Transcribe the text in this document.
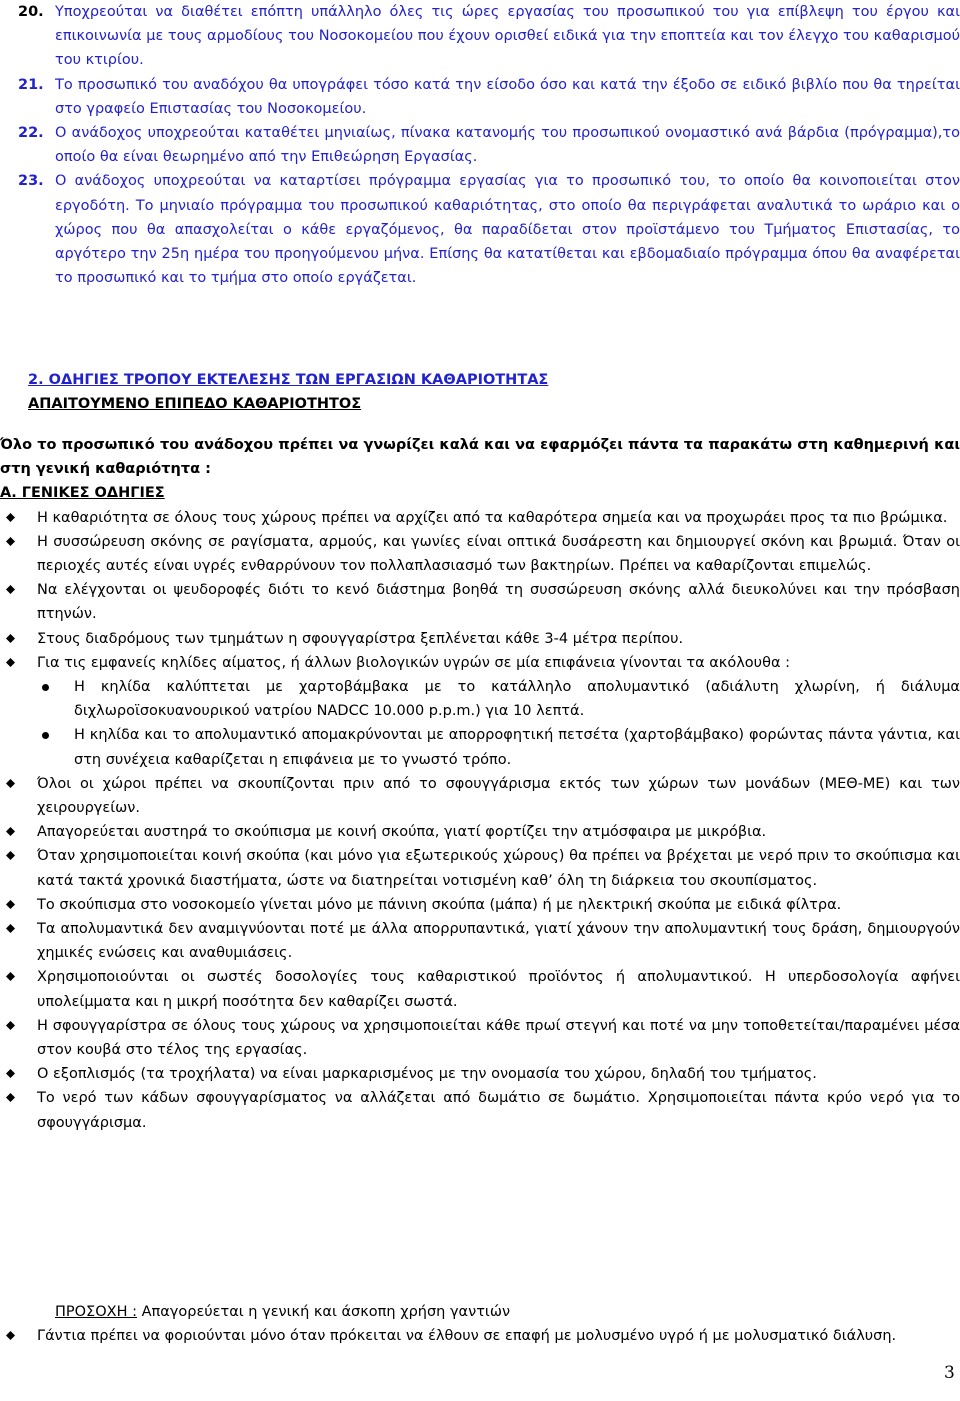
20. Υποχρεούται να διαθέτει επόπτη υπάλληλο όλες τις ώρες εργασίας του προσωπικού του για επίβλεψη του έργου και επικοινωνία με τους αρμοδίους του Νοσοκομείου που έχουν ορισθεί ειδικά για την εποπτεία και τον έλεγχο του καθαρισμού του κτιρίου.

21. Το προσωπικό του αναδόχου θα υπογράφει τόσο κατά την είσοδο όσο και κατά την έξοδο σε ειδικό βιβλίο που θα τηρείται στο γραφείο Επιστασίας του Νοσοκομείου.

22. Ο ανάδοχος υποχρεούται καταθέτει μηνιαίως, πίνακα κατανομής του προσωπικού ονομαστικό ανά βάρδια (πρόγραμμα),το οποίο θα είναι θεωρημένο από την Επιθεώρηση Εργασίας.

23. Ο ανάδοχος υποχρεούται να καταρτίσει πρόγραμμα εργασίας για το προσωπικό του, το οποίο θα κοινοποιείται στον εργοδότη. Το μηνιαίο πρόγραμμα του προσωπικού καθαριότητας, στο οποίο θα περιγράφεται αναλυτικά το ωράριο και ο χώρος που θα απασχολείται ο κάθε εργαζόμενος, θα παραδίδεται στον προϊστάμενο του Τμήματος Επιστασίας, το αργότερο την 25η ημέρα του προηγούμενου μήνα. Επίσης θα κατατίθεται και εβδομαδιαίο πρόγραμμα όπου θα αναφέρεται το προσωπικό και το τμήμα στο οποίο εργάζεται.

2. ΟΔΗΓΙΕΣ ΤΡΟΠΟΥ ΕΚΤΕΛΕΣΗΣ ΤΩΝ ΕΡΓΑΣΙΩΝ ΚΑΘΑΡΙΟΤΗΤΑΣ
ΑΠΑΙΤΟΥΜΕΝΟ ΕΠΙΠΕΔΟ ΚΑΘΑΡΙΟΤΗΤΟΣ

Όλο το προσωπικό του ανάδοχου πρέπει να γνωρίζει καλά και να εφαρμόζει πάντα τα παρακάτω στη καθημερινή και στη γενική καθαριότητα :

Α. ΓΕΝΙΚΕΣ ΟΔΗΓΙΕΣ
Η καθαριότητα σε όλους τους χώρους πρέπει να αρχίζει από τα καθαρότερα σημεία και να προχωράει προς τα πιο βρώμικα.
Η συσσώρευση σκόνης σε ραγίσματα, αρμούς, και γωνίες είναι οπτικά δυσάρεστη και δημιουργεί σκόνη και βρωμιά. Όταν οι περιοχές αυτές είναι υγρές ενθαρρύνουν τον πολλαπλασιασμό των βακτηρίων. Πρέπει να καθαρίζονται επιμελώς.
Να ελέγχονται οι ψευδοροφές διότι το κενό διάστημα βοηθά τη συσσώρευση σκόνης αλλά διευκολύνει και την πρόσβαση πτηνών.
Στους διαδρόμους των τμημάτων η σφουγγαρίστρα ξεπλένεται κάθε 3-4 μέτρα περίπου.
Για τις εμφανείς κηλίδες αίματος, ή άλλων βιολογικών υγρών σε μία επιφάνεια γίνονται τα ακόλουθα :
Η κηλίδα καλύπτεται με χαρτοβάμβακα με το κατάλληλο απολυμαντικό (αδιάλυτη χλωρίνη, ή διάλυμα διχλωροϊσοκυανουρικού νατρίου NADCC 10.000 p.p.m.) για 10 λεπτά.
Η κηλίδα και το απολυμαντικό απομακρύνονται με απορροφητική πετσέτα (χαρτοβάμβακο) φορώντας πάντα γάντια, και στη συνέχεια καθαρίζεται η επιφάνεια με το γνωστό τρόπο.
Όλοι οι χώροι πρέπει να σκουπίζονται πριν από το σφουγγάρισμα εκτός των χώρων των μονάδων (ΜΕΘ-ΜΕ) και των χειρουργείων.
Απαγορεύεται αυστηρά το σκούπισμα με κοινή σκούπα, γιατί φορτίζει την ατμόσφαιρα με μικρόβια.
Όταν χρησιμοποιείται κοινή σκούπα (και μόνο για εξωτερικούς χώρους) θα πρέπει να βρέχεται με νερό πριν το σκούπισμα και κατά τακτά χρονικά διαστήματα, ώστε να διατηρείται νοτισμένη καθ’ όλη τη διάρκεια του σκουπίσματος.
Το σκούπισμα στο νοσοκομείο γίνεται μόνο με πάνινη σκούπα (μάπα) ή με ηλεκτρική σκούπα με ειδικά φίλτρα.
Τα απολυμαντικά δεν αναμιγνύονται ποτέ με άλλα απορρυπαντικά, γιατί χάνουν την απολυμαντική τους δράση, δημιουργούν χημικές ενώσεις και αναθυμιάσεις.
Χρησιμοποιούνται οι σωστές δοσολογίες τους καθαριστικού προϊόντος ή απολυμαντικού. Η υπερδοσολογία αφήνει υπολείμματα και η μικρή ποσότητα δεν καθαρίζει σωστά.
Η σφουγγαρίστρα σε όλους τους χώρους να χρησιμοποιείται κάθε πρωί στεγνή και ποτέ να μην τοποθετείται/παραμένει μέσα στον κουβά στο τέλος της εργασίας.
Ο εξοπλισμός (τα τροχήλατα) να είναι μαρκαρισμένος με την ονομασία του χώρου, δηλαδή του τμήματος.
Το νερό των κάδων σφουγγαρίσματος να αλλάζεται από δωμάτιο σε δωμάτιο. Χρησιμοποιείται πάντα κρύο νερό για το σφουγγάρισμα.
ΠΡΟΣΟΧΗ : Απαγορεύεται η γενική και άσκοπη χρήση γαντιών
Γάντια πρέπει να φοριούνται μόνο όταν πρόκειται να έλθουν σε επαφή με μολυσμένο υγρό ή με μολυσματικό διάλυση.
3
